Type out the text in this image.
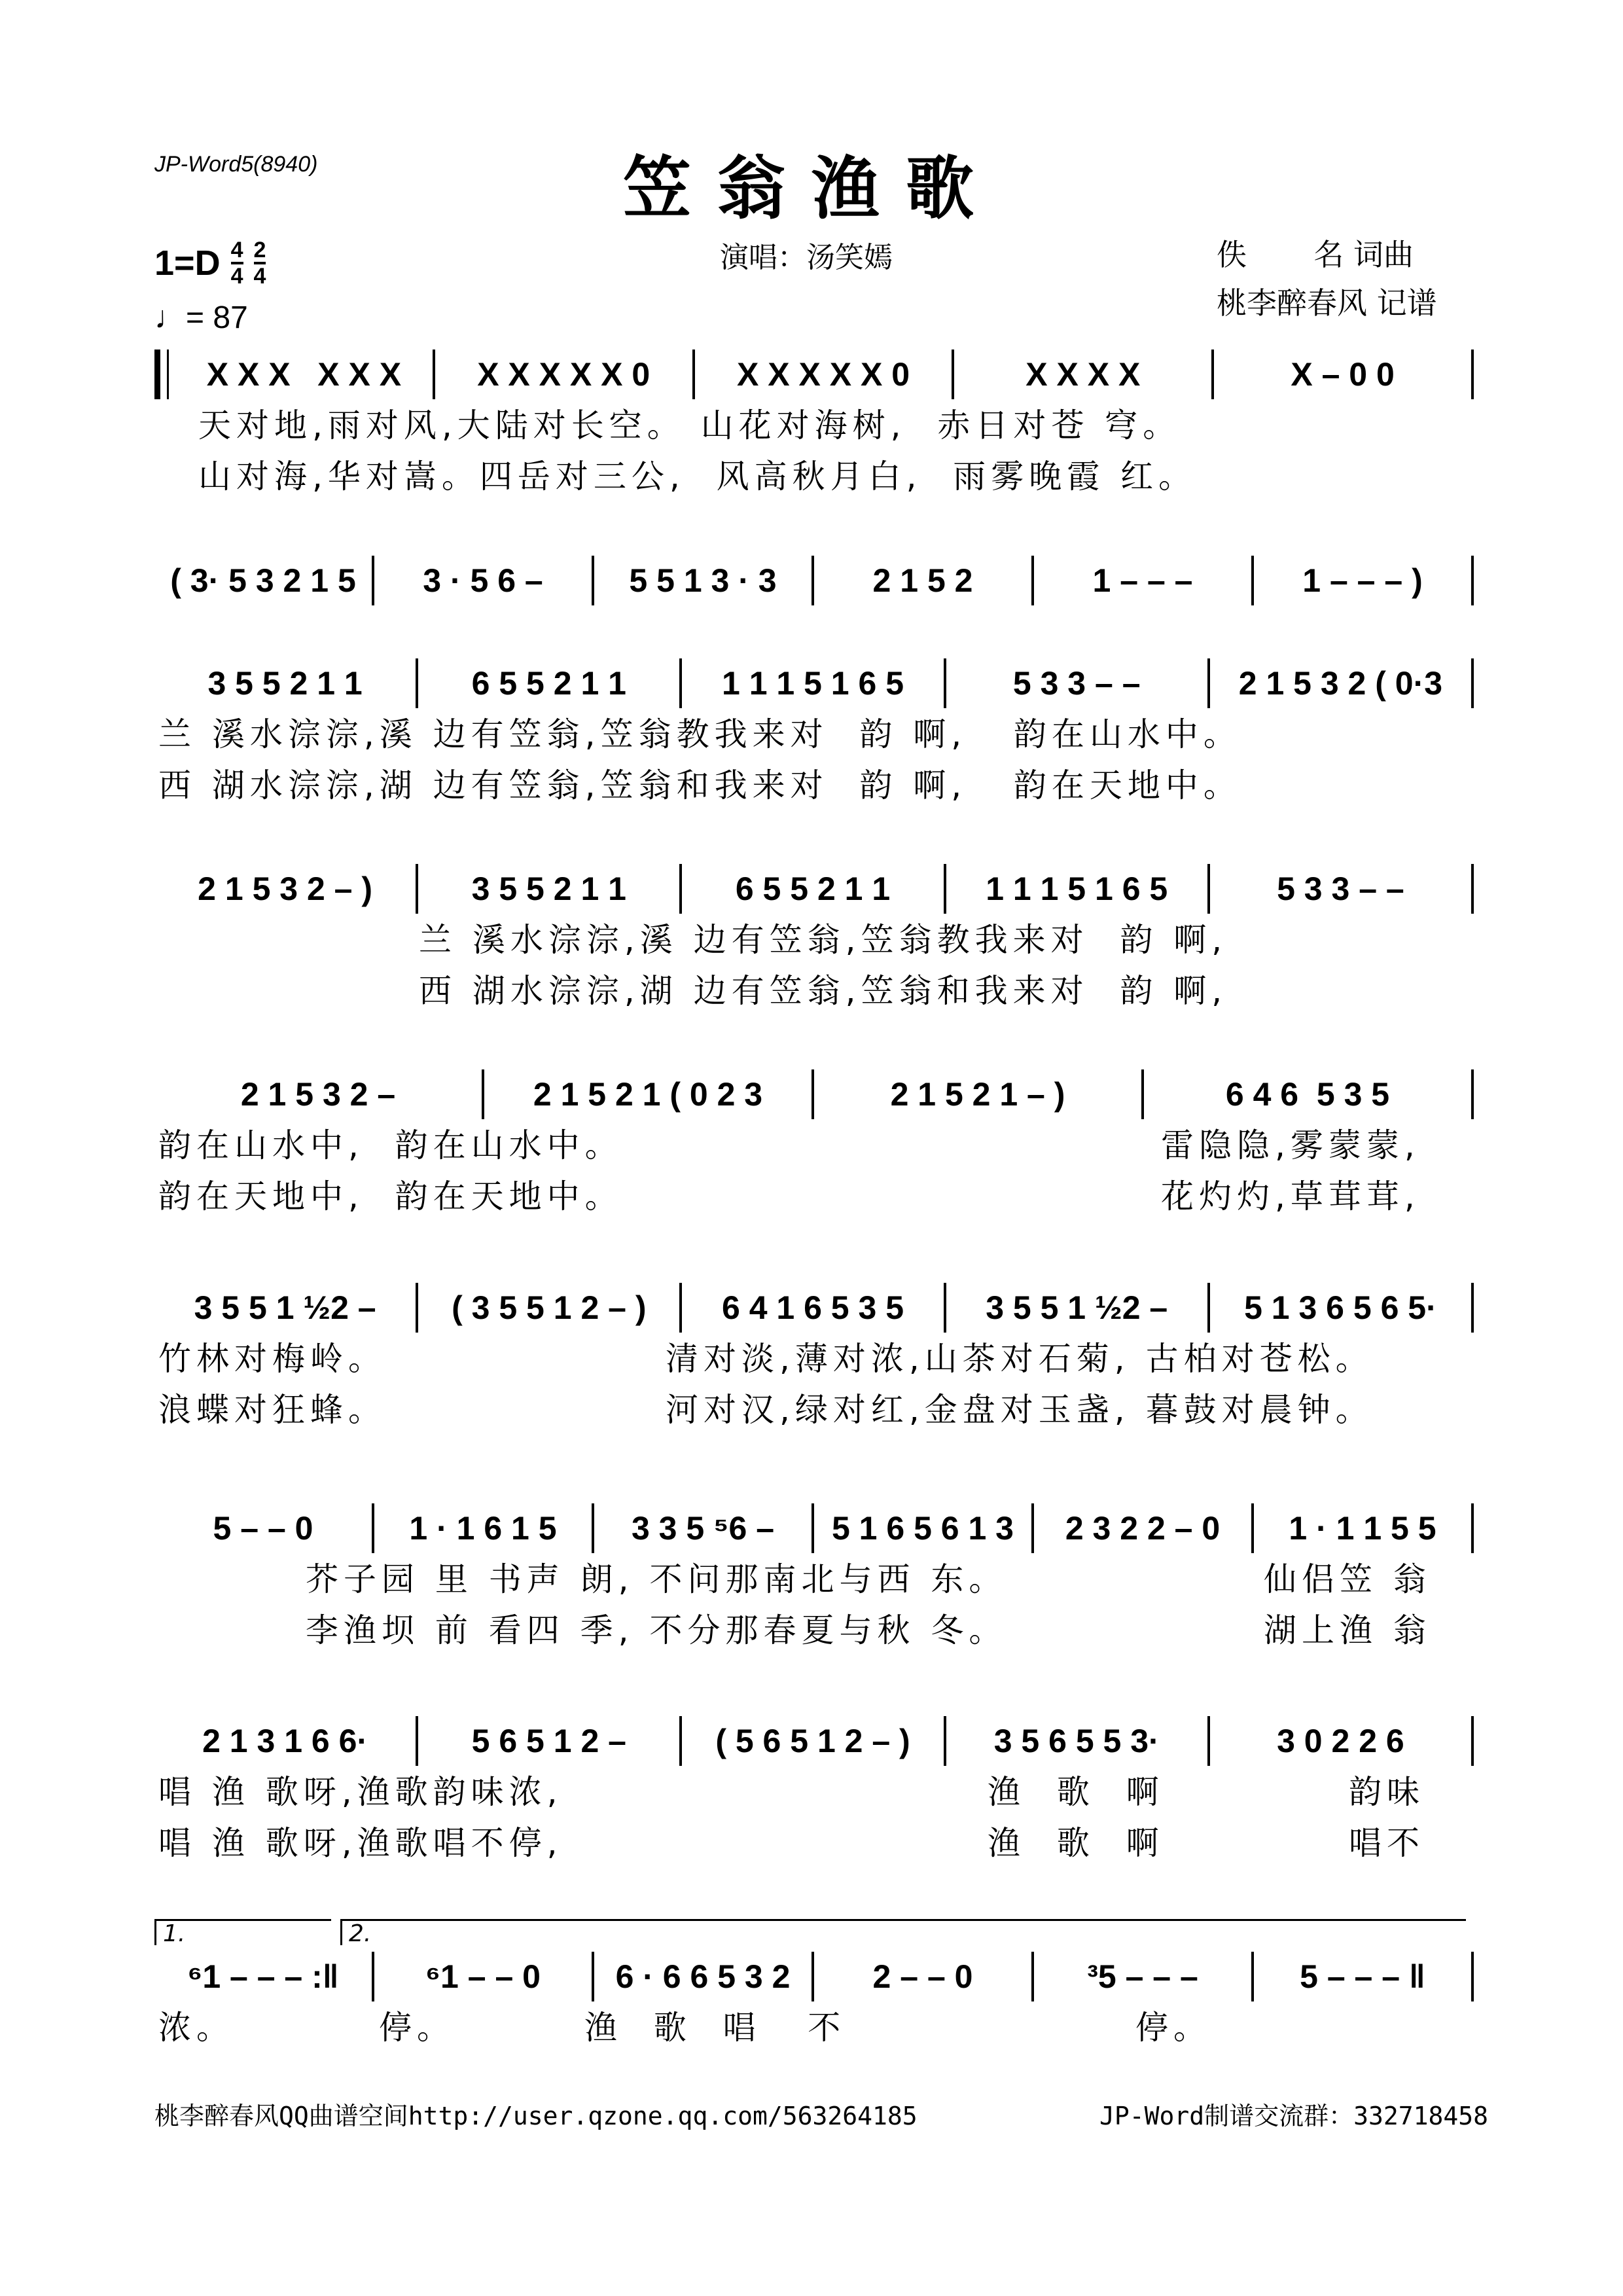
JP-Word5(8940)	笠翁渔歌
演唱：汤笑嫣
$1=D \frac{4}{4} \frac{2}{4}$
♩= 87
佚       名 词曲
桃李醉春风 记谱
X X X   X X X	X X X X X 0	X X X X X 0	X X X X	X – 0 0
天对地,雨对风,大陆对长空。 山花对海树,  赤日对苍 穹。
山对海,华对嵩。四岳对三公,  风高秋月白,  雨雾晚霞 红。
( 3· 5 3 2 1 5	3 · 5 6 –	5 5 1 3 · 3	2 1 5 2	1 – – –	1 – – – )
3 5 5 2 1 1	6 5 5 2 1 1	1 1 1 5 1 6 5	5 3 3 – –	2 1 5 3 2 ( 0·3
兰 溪水淙淙,溪 边有笠翁,笠翁教我来对  韵 啊,   韵在山水中。
西 湖水淙淙,湖 边有笠翁,笠翁和我来对  韵 啊,   韵在天地中。
2 1 5 3 2 – )	3 5 5 2 1 1	6 5 5 2 1 1	1 1 1 5 1 6 5	5 3 3 – –
兰 溪水淙淙,溪 边有笠翁,笠翁教我来对  韵 啊,
西 湖水淙淙,湖 边有笠翁,笠翁和我来对  韵 啊,
2 1 5 3 2 –	2 1 5 2 1 ( 0 2 3	2 1 5 2 1 – )	6 4 6  5 3 5
韵在山水中,  韵在山水中。	雷隐隐,雾蒙蒙,
韵在天地中,  韵在天地中。	花灼灼,草茸茸,
3 5 5 1 ½2 –	( 3 5 5 1 2 – )	6 4 1 6 5 3 5	3 5 5 1 ½2 –	5 1 3 6 5 6 5·
竹林对梅岭。	清对淡,薄对浓,山茶对石菊, 古柏对苍松。
浪蝶对狂蜂。	河对汉,绿对红,金盘对玉盏, 暮鼓对晨钟。
5 – – 0	1 · 1 6 1 5	3 3 5 ⁵6 –	5 1 6 5 6 1 3	2 3 2 2 – 0	1 · 1 1 5 5
芥子园 里 书声 朗, 不问那南北与西 东。	仙侣笠 翁
李渔坝 前 看四 季, 不分那春夏与秋 冬。	湖上渔 翁
2 1 3 1 6 6·	5 6 5 1 2 –	( 5 6 5 1 2 – )	3 5 6 5 5 3·	3 0 2 2 6
唱 渔 歌呀,渔歌韵味浓,	渔  歌  啊	韵味
唱 渔 歌呀,渔歌唱不停,	渔  歌  啊	唱不
⁶1 – – – :‖	⁶1 – – 0	6 · 6 6 5 3 2	2 – – 0	³5 – – –	5 – – – ‖
1.	2.
浓。	停。	渔  歌  唱   不	停。
桃李醉春风QQ曲谱空间http://user.qzone.qq.com/563264185	JP-Word制谱交流群：332718458
